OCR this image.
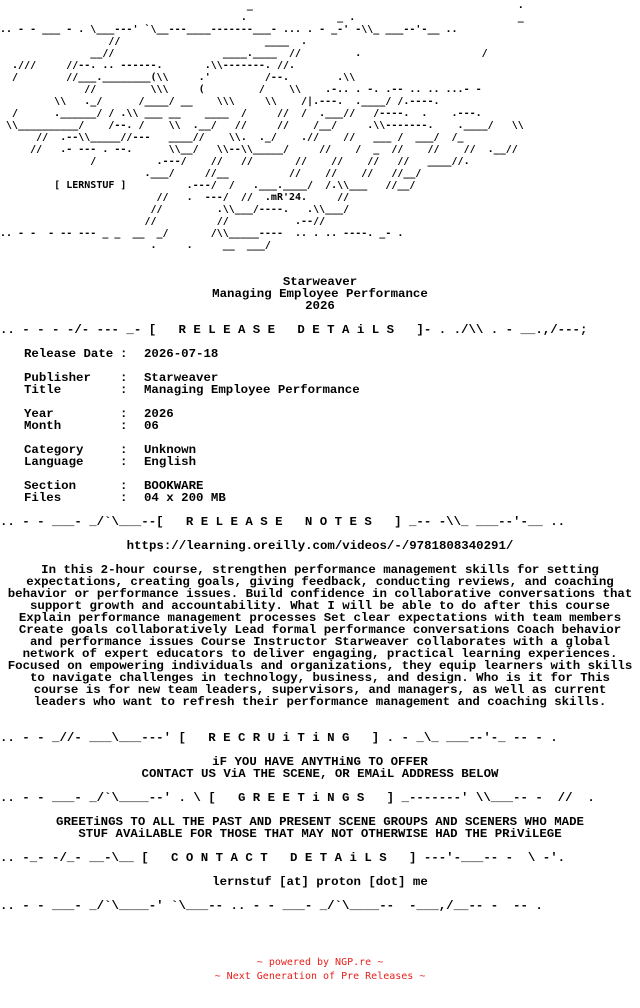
_                                            .
.               _ .                           _
.. - - ___ - . \___---' `\__---____-------___- ... . - _-' -\\_ ___--'-__ ..
//                        ____  .
__//                  ____.____  //         .                    /
.///     //--. .. ------.       .\\-------. //.
/        //___.________(\\     .'         /--.        .\\
//         \\\     (         /    \\    .-.. . -. .-- .. .. ...- -
\\   ._/      /____/ __    \\\     \\    /|.---.  .____/ /.----.
/      .______/ / .\\ ___ __    ____  /     //  /  .___//   /----.  .    .---.
\\__________/    /--. /    \\  .__/   //     //    /__/     .\\-------.    .____/   \\
//  .--\\_____//---   ____//    \\.  ._/    .//    //   ___ /  ___/  /_
//   .- --- . --.      \\__/   \\--\\_____/     //    /  _  //    //    //  .__//
/          .---/    //   //       //    //    //   //   ____//.
.___/     //__          //    //    //   //__/
[ LERNSTUF ]          .---/  /   .___.____/  /.\\___   //__/
//   .  ---/  //  .mR'24.     //
//         .\\___/----.   .\\___/
//          //           .--//
.. - -  - -- --- _ _  __  _/       /\\_____----  .. . .. ----. _- .
.     .     __  ___/
Starweaver
Managing Employee Performance
2026
.. - - - -/- --- _- [   R E L E A S E   D E T A i L S   ]- . ./\\ . - __.,/---;
Release Date : 2026-07-18
Publisher	: Starweaver
Title	: Managing Employee Performance
Year	: 2026
Month	: 06
Category	: Unknown
Language	: English
Section	: BOOKWARE
Files	: 04 x 200 MB
.. - - ___- _/`\___--[   R E L E A S E   N O T E S   ] _-- -\\_ ___--'-__ ..
https://learning.oreilly.com/videos/-/9781808340291/
In this 2-hour course, strengthen performance management skills for setting expectations, creating goals, giving feedback, conducting reviews, and coaching behavior or performance issues. Build confidence in collaborative conversations that support growth and accountability. What I will be able to do after this course Explain performance management processes Set clear expectations with team members Create goals collaboratively Lead formal performance conversations Coach behavior and performance issues Course Instructor Starweaver collaborates with a global network of expert educators to deliver engaging, practical learning experiences. Focused on empowering individuals and organizations, they equip learners with skills to navigate challenges in technology, business, and design. Who is it for This course is for new team leaders, supervisors, and managers, as well as current leaders who want to refresh their performance management and coaching skills.
.. - - _//- ___\___---' [   R E C R U i T i N G   ] . - _\_ ___--'-_ -- - .
iF YOU HAVE ANYTHiNG TO OFFER
CONTACT US ViA THE SCENE, OR EMAiL ADDRESS BELOW
.. - - ___- _/`\____--' . \ [   G R E E T i N G S   ] _-------' \\___-- -  //  .
GREETiNGS TO ALL THE PAST AND PRESENT SCENE GROUPS AND SCENERS WHO MADE
STUF AVAiLABLE FOR THOSE THAT MAY NOT OTHERWISE HAD THE PRiViLEGE
.. -_- -/_- __-\__ [   C O N T A C T   D E T A i L S   ] ---'-___-- -  \ -'.
lernstuf [at] proton [dot] me
.. - - ___- _/`\____-' `\___-- .. - - ___- _/`\____--  -___,/__-- -  -- .
~ powered by NGP.re ~
~ Next Generation of Pre Releases ~
